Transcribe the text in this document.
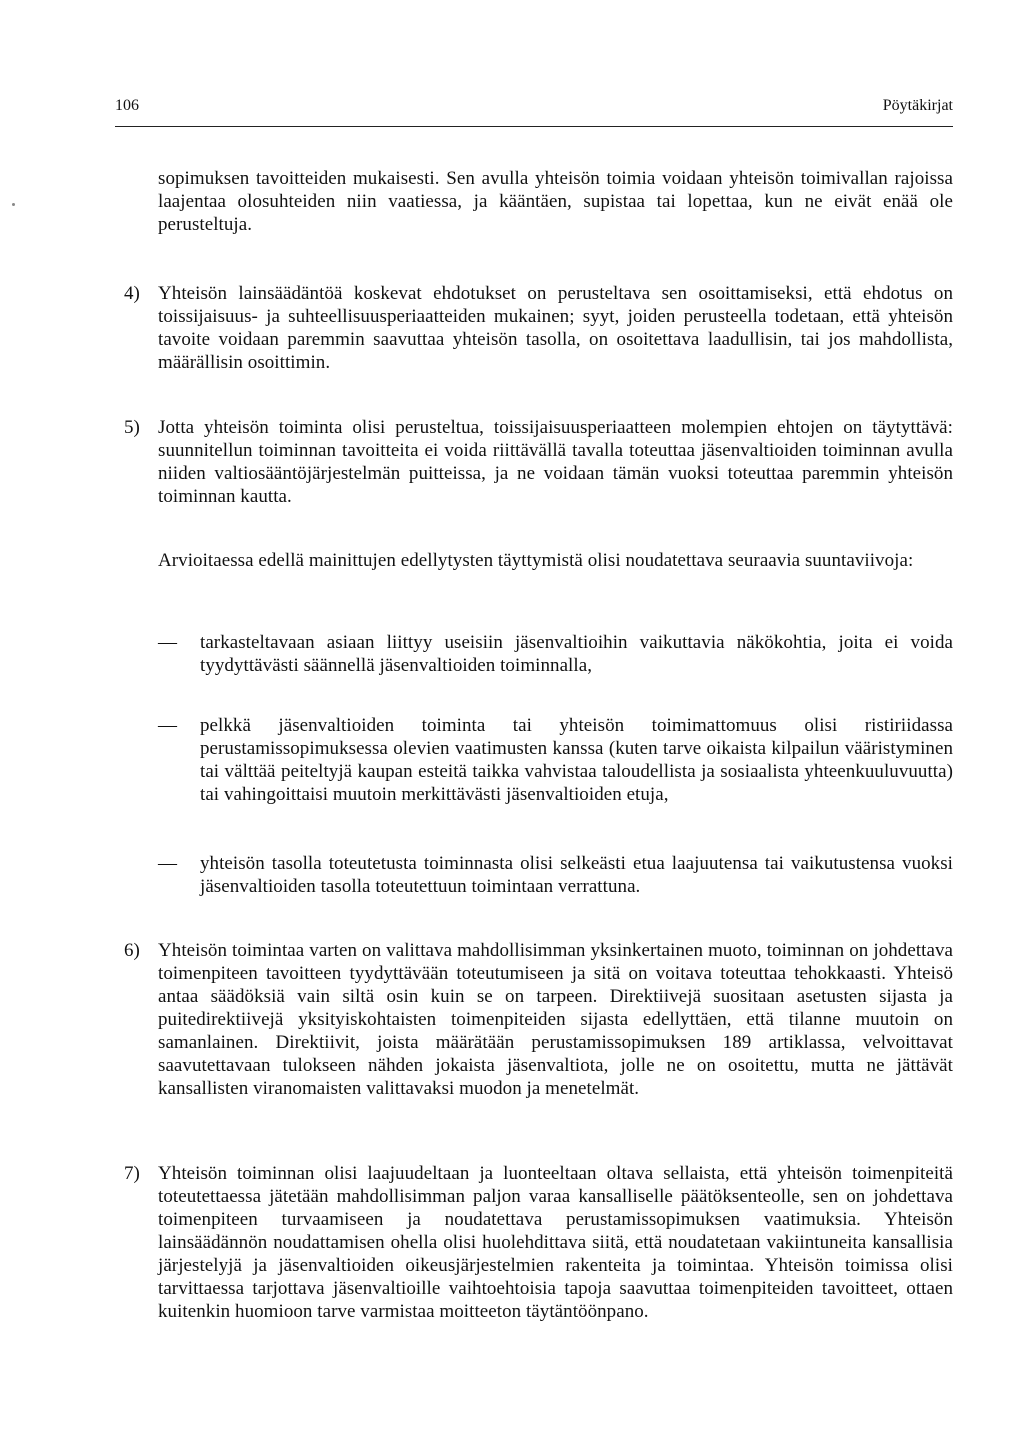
106	Pöytäkirjat
sopimuksen tavoitteiden mukaisesti. Sen avulla yhteisön toimia voidaan yhteisön toimivallan rajoissa laajentaa olosuhteiden niin vaatiessa, ja kääntäen, supistaa tai lopettaa, kun ne eivät enää ole perusteltuja.
4) Yhteisön lainsäädäntöä koskevat ehdotukset on perusteltava sen osoittamiseksi, että ehdotus on toissijaisuus- ja suhteellisuusperiaatteiden mukainen; syyt, joiden perusteella todetaan, että yhteisön tavoite voidaan paremmin saavuttaa yhteisön tasolla, on osoitettava laadullisin, tai jos mahdollista, määrällisin osoittimin.
5) Jotta yhteisön toiminta olisi perusteltua, toissijaisuusperiaatteen molempien ehtojen on täytyttävä: suunnitellun toiminnan tavoitteita ei voida riittävällä tavalla toteuttaa jäsenvaltioiden toiminnan avulla niiden valtiosääntöjärjestelmän puitteissa, ja ne voidaan tämän vuoksi toteuttaa paremmin yhteisön toiminnan kautta.
Arvioitaessa edellä mainittujen edellytysten täyttymistä olisi noudatettava seuraavia suuntaviivoja:
—	tarkasteltavaan asiaan liittyy useisiin jäsenvaltioihin vaikuttavia näkökohtia, joita ei voida tyydyttävästi säännellä jäsenvaltioiden toiminnalla,
—	pelkkä jäsenvaltioiden toiminta tai yhteisön toimimattomuus olisi ristiriidassa perustamissopimuksessa olevien vaatimusten kanssa (kuten tarve oikaista kilpailun vääristyminen tai välttää peiteltyjä kaupan esteitä taikka vahvistaa taloudellista ja sosiaalista yhteenkuuluvuutta) tai vahingoittaisi muutoin merkittävästi jäsenvaltioiden etuja,
—	yhteisön tasolla toteutetusta toiminnasta olisi selkeästi etua laajuutensa tai vaikutustensa vuoksi jäsenvaltioiden tasolla toteutettuun toimintaan verrattuna.
6) Yhteisön toimintaa varten on valittava mahdollisimman yksinkertainen muoto, toiminnan on johdettava toimenpiteen tavoitteen tyydyttävään toteutumiseen ja sitä on voitava toteuttaa tehokkaasti. Yhteisö antaa säädöksiä vain siltä osin kuin se on tarpeen. Direktiivejä suositaan asetusten sijasta ja puitedirektiivejä yksityiskohtaisten toimenpiteiden sijasta edellyttäen, että tilanne muutoin on samanlainen. Direktiivit, joista määrätään perustamissopimuksen 189 artiklassa, velvoittavat saavutettavaan tulokseen nähden jokaista jäsenvaltiota, jolle ne on osoitettu, mutta ne jättävät kansallisten viranomaisten valittavaksi muodon ja menetelmät.
7) Yhteisön toiminnan olisi laajuudeltaan ja luonteeltaan oltava sellaista, että yhteisön toimenpiteitä toteutettaessa jätetään mahdollisimman paljon varaa kansalliselle päätöksenteolle, sen on johdettava toimenpiteen turvaamiseen ja noudatettava perustamissopimuksen vaatimuksia. Yhteisön lainsäädännön noudattamisen ohella olisi huolehdittava siitä, että noudatetaan vakiintuneita kansallisia järjestelyjä ja jäsenvaltioiden oikeusjärjestelmien rakenteita ja toimintaa. Yhteisön toimissa olisi tarvittaessa tarjottava jäsenvaltioille vaihtoehtoisia tapoja saavuttaa toimenpiteiden tavoitteet, ottaen kuitenkin huomioon tarve varmistaa moitteeton täytäntöönpano.
